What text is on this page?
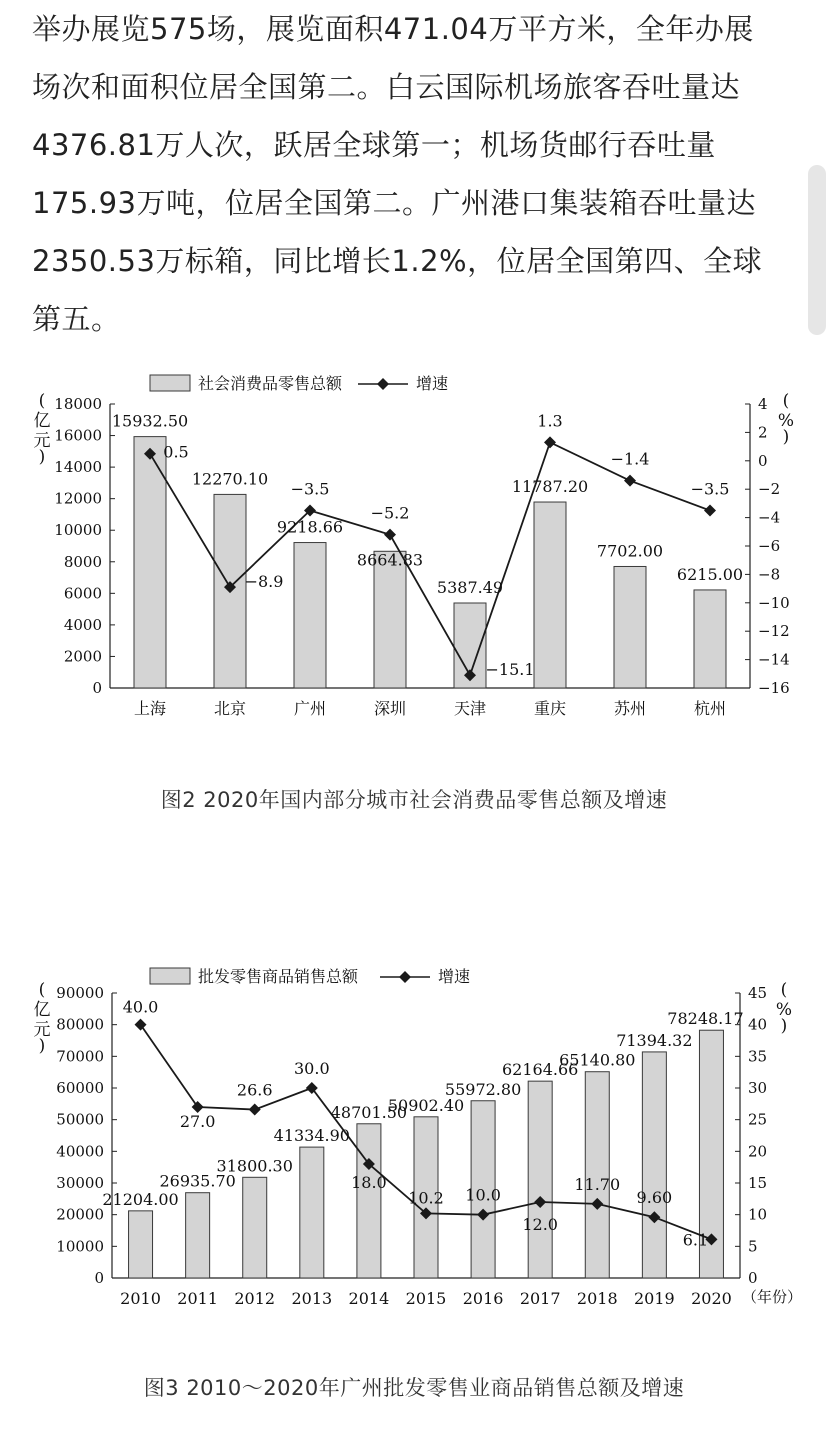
举办展览575场，展览面积471.04万平方米，全年办展

场次和面积位居全国第二。白云国际机场旅客吞吐量达

4376.81万人次，跃居全球第一；机场货邮行吞吐量

175.93万吨，位居全国第二。广州港口集装箱吞吐量达

2350.53万标箱，同比增长1.2%，位居全国第四、全球

第五。

社会消费品零售总额	增速
0
2000
4000
6000
8000
10000
12000
14000
16000
18000
−16
−14
−12
−10
−8
−6
−4
−2
0
2
4
(
亿
元
)
(
%
)
上海	北京	广州	深圳	天津	重庆	苏州	杭州
15932.50
12270.10
9218.66
8664.83
5387.49
11787.20
7702.00
6215.00
0.5
−8.9
−3.5
−5.2
−15.1
1.3
−1.4
−3.5
图2 2020年国内部分城市社会消费品零售总额及增速
批发零售商品销售总额	增速
0
10000
20000
30000
40000
50000
60000
70000
80000
90000
0
5
10
15
20
25
30
35
40
45
(
亿
元
)
(
%
)
2010 2011 2012 2013 2014 2015 2016 2017 2018 2019 2020 （年份）
21204.00
26935.70
31800.30
41334.90
48701.50
50902.40
55972.80
62164.66
65140.80
71394.32
78248.17
40.0
27.0
26.6
30.0
18.0
10.2 10.0
12.0
11.70
9.60
6.1
图3 2010～2020年广州批发零售业商品销售总额及增速
